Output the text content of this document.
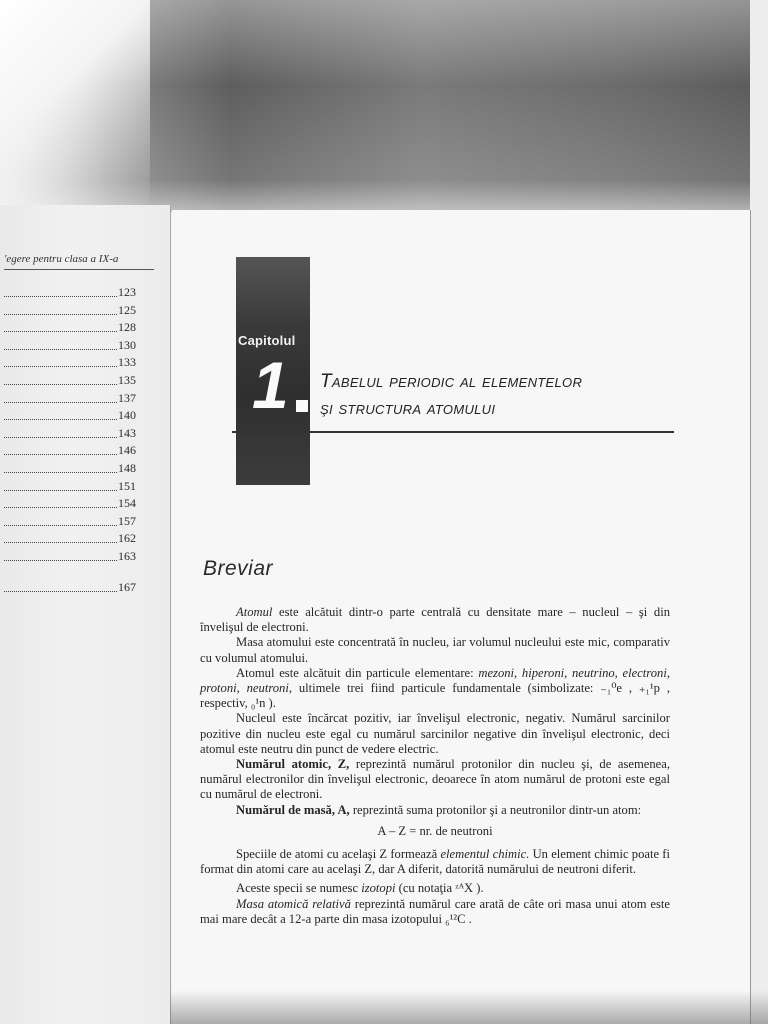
'egere pentru clasa a IX-a
123
125
128
130
133
135
137
140
143
146
148
151
154
157
162
163
167
Capitolul
1 Tabelul periodic al elementelor
şi structura atomului
Breviar

Atomul este alcătuit dintr-o parte centrală cu densitate mare – nucleul – şi din învelişul de electroni.

Masa atomului este concentrată în nucleu, iar volumul nucleului este mic, comparativ cu volumul atomului.

Atomul este alcătuit din particule elementare: mezoni, hiperoni, neutrino, electroni, protoni, neutroni, ultimele trei fiind particule fundamentale (simbolizate: ₋₁⁰e , ₊₁¹p , respectiv, ₀¹n ).

Nucleul este încărcat pozitiv, iar învelişul electronic, negativ. Numărul sarcinilor pozitive din nucleu este egal cu numărul sarcinilor negative din învelişul electronic, deci atomul este neutru din punct de vedere electric.

Numărul atomic, Z, reprezintă numărul protonilor din nucleu şi, de asemenea, numărul electronilor din învelişul electronic, deoarece în atom numărul de protoni este egal cu numărul de electroni.

Numărul de masă, A, reprezintă suma protonilor şi a neutronilor dintr-un atom:

A – Z = nr. de neutroni

Speciile de atomi cu acelaşi Z formează elementul chimic. Un element chimic poate fi format din atomi care au acelaşi Z, dar A diferit, datorită numărului de neutroni diferit.

Aceste specii se numesc izotopi (cu notaţia ᶻᴬX ).

Masa atomică relativă reprezintă numărul care arată de câte ori masa unui atom este mai mare decât a 12-a parte din masa izotopului ₆¹²C .
